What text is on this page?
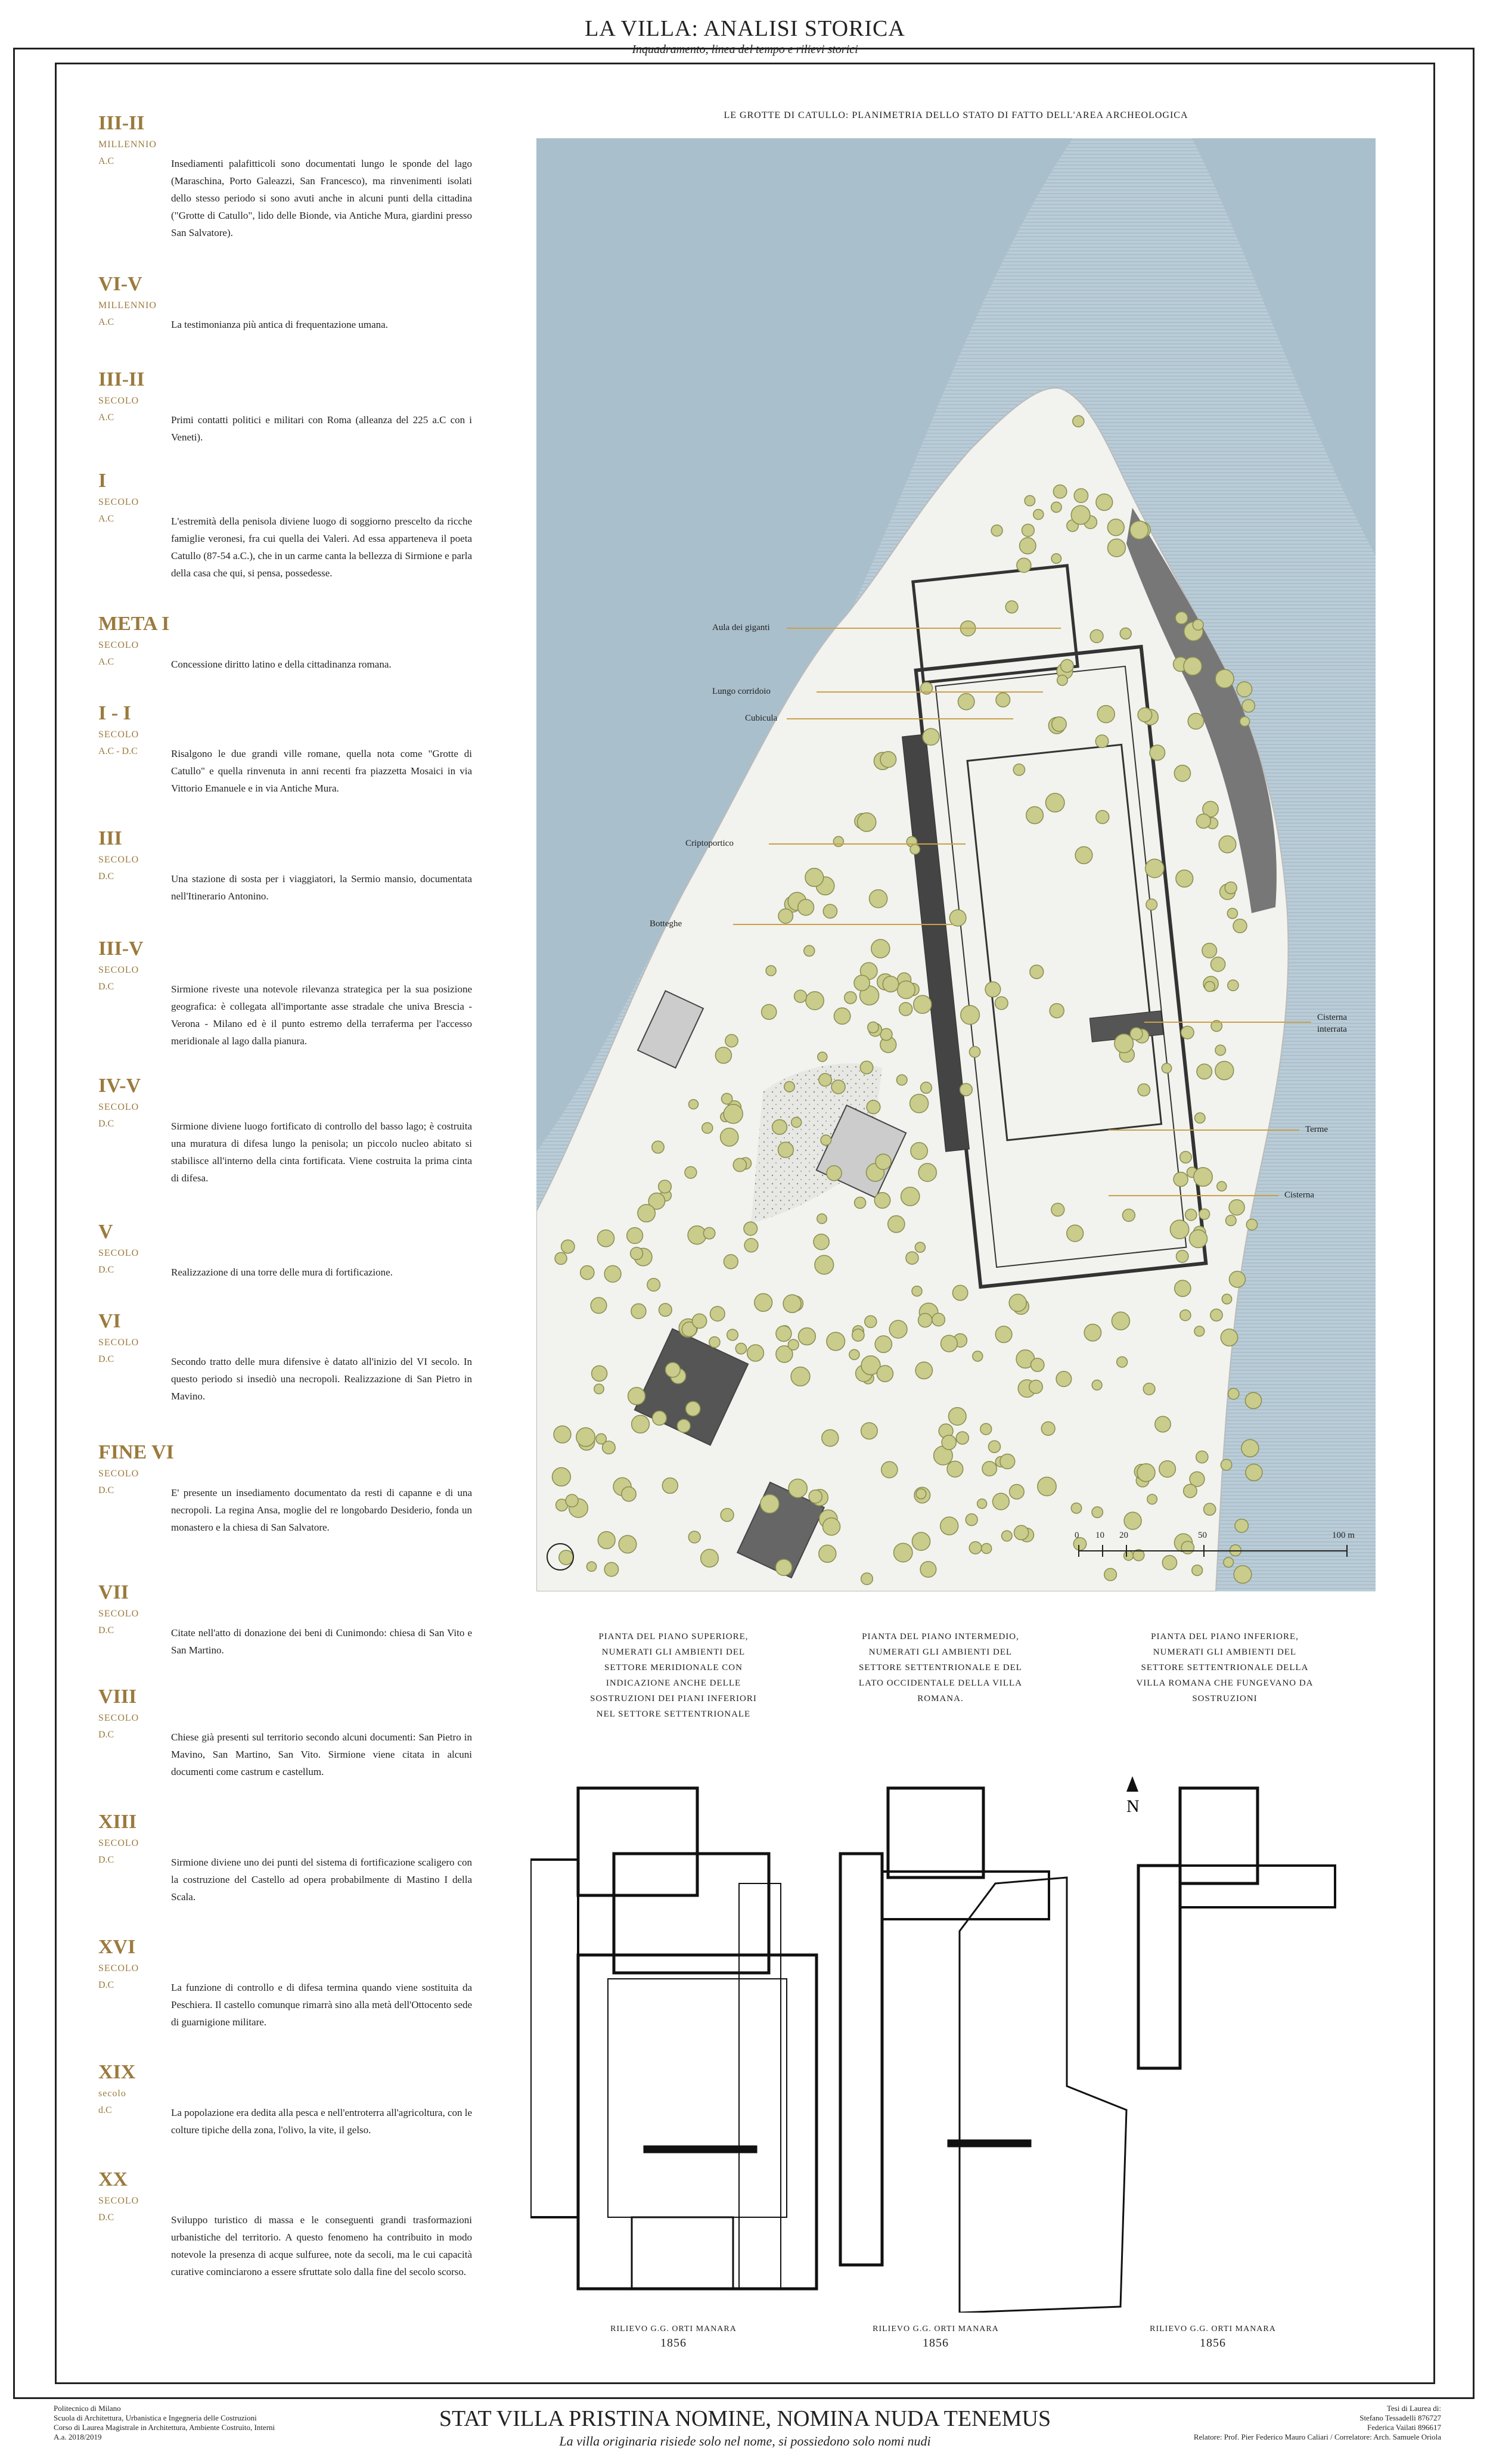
LA VILLA: ANALISI STORICA
Inquadramento, linea del tempo e rilievi storici
III-II
MILLENNIO
A.C	Insediamenti palafitticoli sono documentati lungo le sponde del lago (Maraschina, Porto Galeazzi, San Francesco), ma rinvenimenti isolati dello stesso periodo si sono avuti anche in alcuni punti della cittadina ("Grotte di Catullo", lido delle Bionde, via Antiche Mura, giardini presso San Salvatore).
VI-V
MILLENNIO
A.C	La testimonianza più antica di frequentazione umana.
III-II
SECOLO
A.C	Primi contatti politici e militari con Roma (alleanza del 225 a.C con i Veneti).
I
SECOLO
A.C	L'estremità della penisola diviene luogo di soggiorno prescelto da ricche famiglie veronesi, fra cui quella dei Valeri. Ad essa apparteneva il poeta Catullo (87-54 a.C.), che in un carme canta la bellezza di Sirmione e parla della casa che qui, si pensa, possedesse.
META I
SECOLO
A.C	Concessione diritto latino e della cittadinanza romana.
I - I
SECOLO
A.C - D.C	Risalgono le due grandi ville romane, quella nota come "Grotte di Catullo" e quella rinvenuta in anni recenti fra piazzetta Mosaici in via Vittorio Emanuele e in via Antiche Mura.
III
SECOLO
D.C	Una stazione di sosta per i viaggiatori, la Sermio mansio, documentata nell'Itinerario Antonino.
III-V
SECOLO
D.C	Sirmione riveste una notevole rilevanza strategica per la sua posizione geografica: è collegata all'importante asse stradale che univa Brescia - Verona - Milano ed è il punto estremo della terraferma per l'accesso meridionale al lago dalla pianura.
IV-V
SECOLO
D.C	Sirmione diviene luogo fortificato di controllo del basso lago; è costruita una muratura di difesa lungo la penisola; un piccolo nucleo abitato si stabilisce all'interno della cinta fortificata. Viene costruita la prima cinta di difesa.
V
SECOLO
D.C	Realizzazione di una torre delle mura di fortificazione.
VI
SECOLO
D.C	Secondo tratto delle mura difensive è datato all'inizio del VI secolo. In questo periodo si insediò una necropoli. Realizzazione di San Pietro in Mavino.
FINE VI
SECOLO
D.C	E' presente un insediamento documentato da resti di capanne e di una necropoli. La regina Ansa, moglie del re longobardo Desiderio, fonda un monastero e la chiesa di San Salvatore.
VII
SECOLO
D.C	Citate nell'atto di donazione dei beni di Cunimondo: chiesa di San Vito e San Martino.
VIII
SECOLO
D.C	Chiese già presenti sul territorio secondo alcuni documenti: San Pietro in Mavino, San Martino, San Vito. Sirmione viene citata in alcuni documenti come castrum e castellum.
XIII
SECOLO
D.C	Sirmione diviene uno dei punti del sistema di fortificazione scaligero con la costruzione del Castello ad opera probabilmente di Mastino I della Scala.
XVI
SECOLO
D.C	La funzione di controllo e di difesa termina quando viene sostituita da Peschiera. Il castello comunque rimarrà sino alla metà dell'Ottocento sede di guarnigione militare.
XIX
secolo
d.C	La popolazione era dedita alla pesca e nell'entroterra all'agricoltura, con le colture tipiche della zona, l'olivo, la vite, il gelso.
XX
SECOLO
D.C	Sviluppo turistico di massa e le conseguenti grandi trasformazioni urbanistiche del territorio. A questo fenomeno ha contribuito in modo notevole la presenza di acque sulfuree, note da secoli, ma le cui capacità curative cominciarono a essere sfruttate solo dalla fine del secolo scorso.
LE GROTTE DI CATULLO: PLANIMETRIA DELLO STATO DI FATTO DELL'AREA ARCHEOLOGICA
Aula dei giganti
Lungo corridoio
Cubicula
Criptoportico
Botteghe
Cisterna interrata
Terme
Cisterna
0 10 20	50	100 m
PIANTA DEL PIANO SUPERIORE, NUMERATI GLI AMBIENTI DEL SETTORE MERIDIONALE CON INDICAZIONE ANCHE DELLE SOSTRUZIONI DEI PIANI INFERIORI NEL SETTORE SETTENTRIONALE
PIANTA DEL PIANO INTERMEDIO, NUMERATI GLI AMBIENTI DEL SETTORE SETTENTRIONALE E DEL LATO OCCIDENTALE DELLA VILLA ROMANA.
PIANTA DEL PIANO INFERIORE, NUMERATI GLI AMBIENTI DEL SETTORE SETTENTRIONALE DELLA VILLA ROMANA CHE FUNGEVANO DA SOSTRUZIONI
N
RILIEVO G.G. ORTI MANARA
1856
RILIEVO G.G. ORTI MANARA
1856
RILIEVO G.G. ORTI MANARA
1856
Politecnico di Milano
Scuola di Architettura, Urbanistica e Ingegneria delle Costruzioni
Corso di Laurea Magistrale in Architettura, Ambiente Costruito, Interni
A.a. 2018/2019
STAT VILLA PRISTINA NOMINE, NOMINA NUDA TENEMUS
La villa originaria risiede solo nel nome, si possiedono solo nomi nudi
Tesi di Laurea di:
Stefano Tessadelli 876727
Federica Vailati 896617
Relatore: Prof. Pier Federico Mauro Caliari / Correlatore: Arch. Samuele Oriola
